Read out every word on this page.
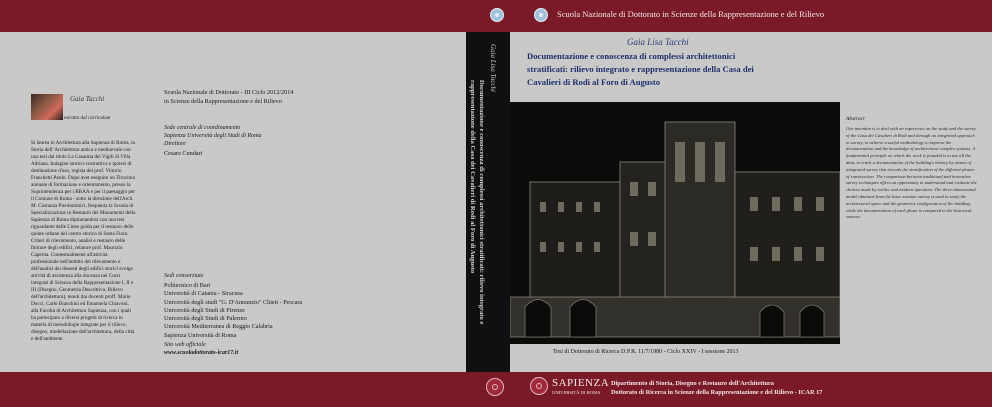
Scuola Nazionale di Dottorato in Scienze della Rappresentazione e del Rilievo
Gaia Tacchi
estratto dal curriculum
Si laurea in Architettura alla Sapienza di Roma, in Storia dell' Architettura antica e medioevale con una tesi dal titolo La Casarma dei Vigili di Villa Adriana. Indagine storico-costruttiva e ipotesi di destinazione d'uso, regista del prof. Vittorio Franchetti Pardo. Dopo aver eseguito un Tirocinio annuale di formazione e orientamento, presso la Soprintendenza per i BBAA e per il paesaggio per il Comune di Roma - sotto la direzione dell'Arch. M. Costanza Pierdominici, frequenta la Scuola di Specializzazione in Restauro dei Monumenti della Sapienza di Roma diplomandosi con una tesi riguardante delle Linee guida per il restauro delle quinte urbane del centro storico di Santa Fiora. Criteri di rilevamento, analisi e restauro delle finiture degli edifici, relatore prof. Maurizio Caperna. Contestualmente all'attività professionale nell'ambito del rilevamento e dell'analisi dei dissesti degli edifici storici svolge attività di assistenza alla docenza nei Corsi integrati di Scienza della Rappresentazione I, II e III (Disegno, Geometria Descrittiva, Rilievo dell'architettura), tenuti dai docenti proff. Mario Docci, Carlo Bianchini ed Emanuela Chiavoni, alla Facoltà di Architettura Sapienza, con i quali ha partecipato a diversi progetti di ricerca in materia di metodologie integrate per il rilievo, disegno, modellazione dell'architettura, della città e dell'ambiente.
Scuola Nazionale di Dottorato - III Ciclo 2012/2014
in Scienze della Rappresentazione e del Rilievo
Sede centrale di coordinamento
Sapienza Università degli Studi di Roma
Direttore
Cesare Cundari
Sedi consorziate
Politecnico di Bari
Università di Catania - Siracusa
Università degli studi "G. D'Annunzio" Chieti - Pescara
Università degli Studi di Firenze
Università degli Studi di Palermo
Università Mediterranea di Reggio Calabria
Sapienza Università di Roma
Sito web ufficiale
www.scuoladottorato-icar17.it
Gaia Lisa Tacchi
Documentazione e conoscenza di complessi architettonici stratificati: rilievo integrato e rappresentazione della Casa dei Cavalieri di Rodi al Foro di Augusto
Gaia Lisa Tacchi
Documentazione e conoscenza di complessi architettonici
stratificati: rilievo integrato e rappresentazione della Casa dei
Cavalieri di Rodi al Foro di Augusto
Tesi di Dottorato di Ricerca D.P.R. 11/7/1980 - Ciclo XXIV - I sessione 2013
Abstract
Our intention is to deal with an experience on the study and the survey of the Casa dei Cavalieri di Rodi and through an integrated approach to survey, to achieve a useful methodology to improve the documentation and the knowledge of architectural complex systems. A fundamental principle on which the work is founded is to use all the data, to reach a documentation of the building's history by means of integrated survey that records the stratification of the different phases of construction. The comparison between traditional and innovative survey techniques offers an opportunity to understand and evaluate the choices made by earlier and modern operators. The three-dimensional model obtained from the laser scanner survey is used to study the architectural space and the geometric configuration of the building, while the documentation of each phase is compared to the historical sources.
SAPIENZA
UNIVERSITÀ DI ROMA
Dipartimento di Storia, Disegno e Restauro dell'Architettura
Dottorato di Ricerca in Scienze della Rappresentazione e del Rilievo - ICAR 17
